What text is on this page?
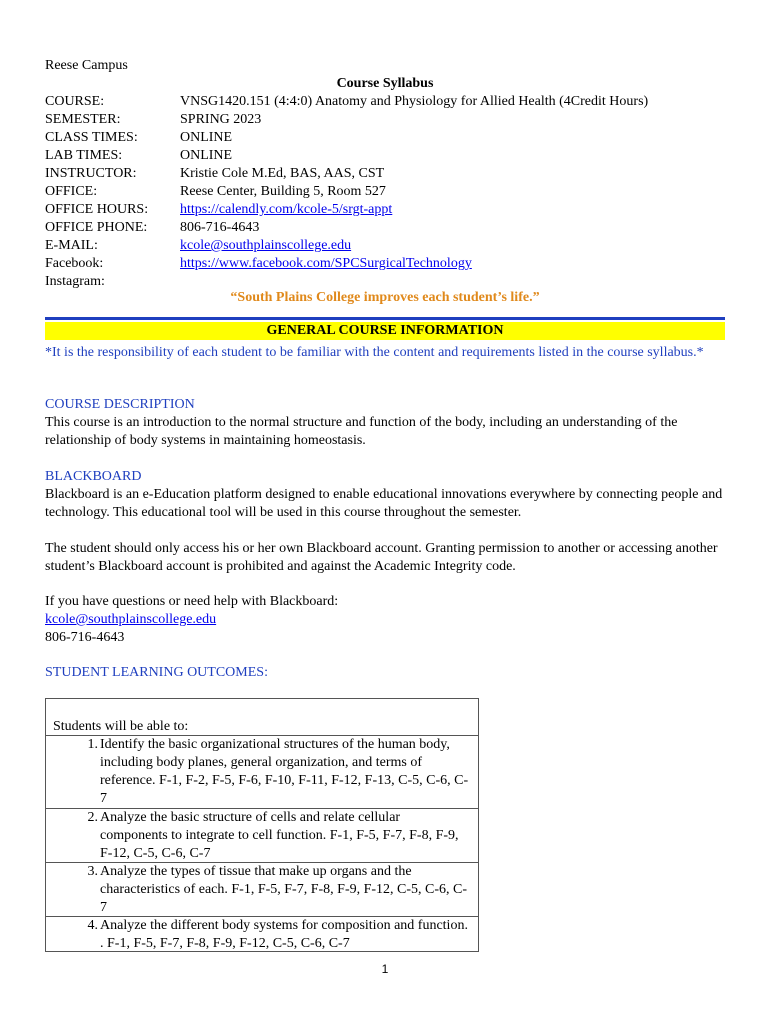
Reese Campus
Course Syllabus
COURSE:	VNSG1420.151 (4:4:0) Anatomy and Physiology for Allied Health (4Credit Hours)
SEMESTER:	SPRING 2023
CLASS TIMES:	ONLINE
LAB TIMES:	ONLINE
INSTRUCTOR:	Kristie Cole M.Ed, BAS, AAS, CST
OFFICE:	Reese Center, Building 5, Room 527
OFFICE HOURS:	https://calendly.com/kcole-5/srgt-appt
OFFICE PHONE:	806-716-4643
E-MAIL:	kcole@southplainscollege.edu
Facebook:	https://www.facebook.com/SPCSurgicalTechnology
Instagram:
“South Plains College improves each student’s life.”
GENERAL COURSE INFORMATION
*It is the responsibility of each student to be familiar with the content and requirements listed in the course syllabus.*
COURSE DESCRIPTION
This course is an introduction to the normal structure and function of the body, including an understanding of the relationship of body systems in maintaining homeostasis.
BLACKBOARD
Blackboard is an e-Education platform designed to enable educational innovations everywhere by connecting people and technology. This educational tool will be used in this course throughout the semester.
The student should only access his or her own Blackboard account. Granting permission to another or accessing another student’s Blackboard account is prohibited and against the Academic Integrity code.
If you have questions or need help with Blackboard:
kcole@southplainscollege.edu
806-716-4643
STUDENT LEARNING OUTCOMES:
Students will be able to:
1. Identify the basic organizational structures of the human body, including body planes, general organization, and terms of reference. F-1, F-2, F-5, F-6, F-10, F-11, F-12, F-13, C-5, C-6, C-7
2. Analyze the basic structure of cells and relate cellular components to integrate to cell function. F-1, F-5, F-7, F-8, F-9, F-12, C-5, C-6, C-7
3. Analyze the types of tissue that make up organs and the characteristics of each. F-1, F-5, F-7, F-8, F-9, F-12, C-5, C-6, C-7
4. Analyze the different body systems for composition and function. . F-1, F-5, F-7, F-8, F-9, F-12, C-5, C-6, C-7
1
